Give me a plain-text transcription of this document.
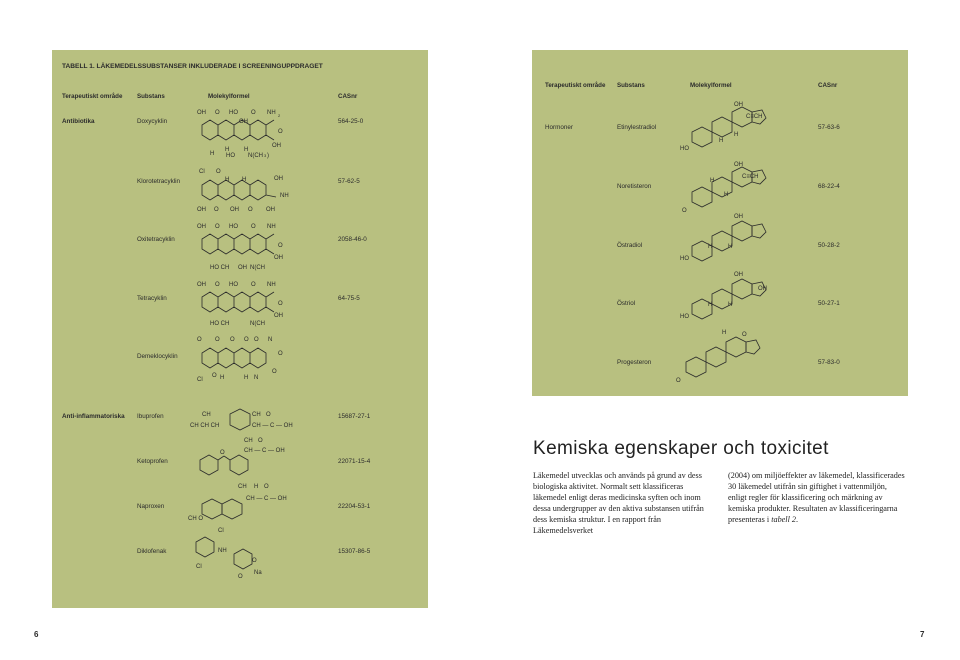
TABELL 1. LÄKEMEDELSSUBSTANSER INKLUDERADE I SCREENINGUPPDRAGET
Terapeutiskt område Substans	Molekylformel	CASnr
Terapeutiskt område Substans	Molekylformel	CASnr
Antibiotika	Doxycyklin	564-25-0
Klorotetracyklin	57-62-5
Oxitetracyklin	2058-46-0
Tetracyklin	64-75-5
Demeklocyklin
Anti-inflammatoriska Ibuprofen	15687-27-1
Ketoprofen	22071-15-4
Naproxen	22204-53-1
Diklofenak	15307-86-5
Hormoner	Etinylestradiol	57-63-6
Noretisteron	68-22-4
Östradiol	50-28-2
Östriol	50-27-1
Progesteron	57-83-0
OH O HO O NH 2
OH
O
H
H H
OH
HO N(CH 3 )
Cl O
H H	OH
NH
OH O OH O OH
OH O HO O NH
O
HO CH OH N(CH
OH
OH O HO O NH
O
HO CH	N(CH
OH
O O O O O N
O
O
Cl
O H	H N
CH
CH CH CH
CH O
CH — C — OH
O
CH O
CH — C — OH
CH H O
CH — C — OH
CH O
Cl
NH
O
Cl
O
Na
OH
C≡CH
HO
H
H
OH
C≡CH
O
H
H
OH
HO
H	H
OH
OH
HO
H	H
H	O
O
Kemiska egenskaper och toxicitet
Läkemedel utvecklas och används på grund av dess biologiska aktivitet. Normalt sett klassificeras läkemedel enligt deras medicinska syften och inom dessa undergrupper av den aktiva substansen utifrån dess kemiska struktur. I en rapport från Läkemedelsverket
(2004) om miljöeffekter av läkemedel, klassificerades 30 läkemedel utifrån sin giftighet i vattenmiljön, enligt regler för klassificering och märkning av kemiska produkter. Resultaten av klassificeringarna presenteras i tabell 2.
6	7
